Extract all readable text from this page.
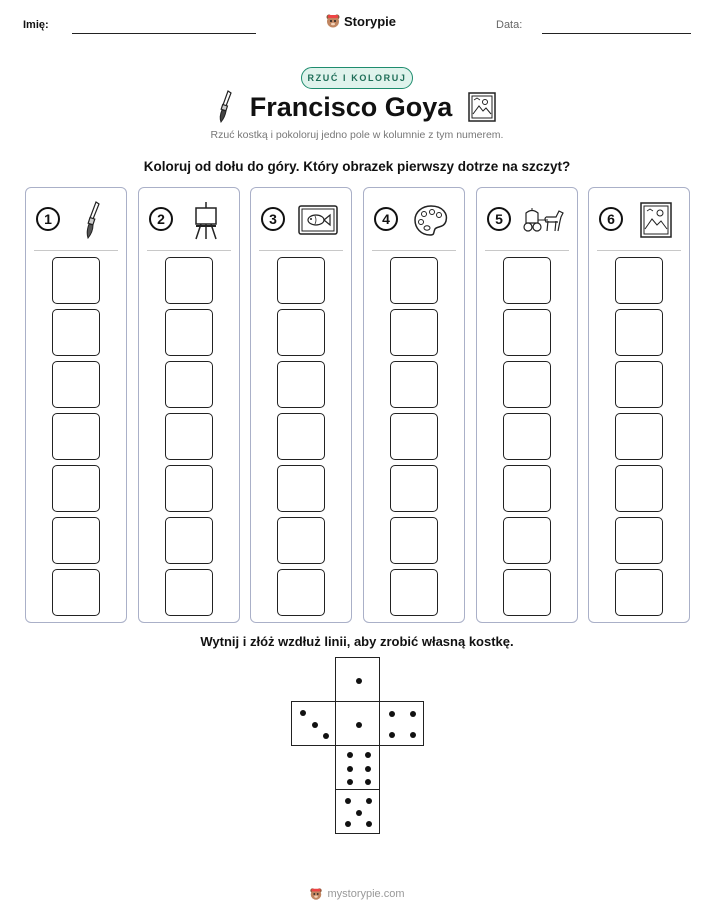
Imię:	Storypie	Data:
RZUĆ I KOLORUJ
Francisco Goya
Rzuć kostką i pokoloruj jedno pole w kolumnie z tym numerem.
Koloruj od dołu do góry. Który obrazek pierwszy dotrze na szczyt?
1	2	3	4	5	6
Wytnij i złóż wzdłuż linii, aby zrobić własną kostkę.
mystorypie.com
